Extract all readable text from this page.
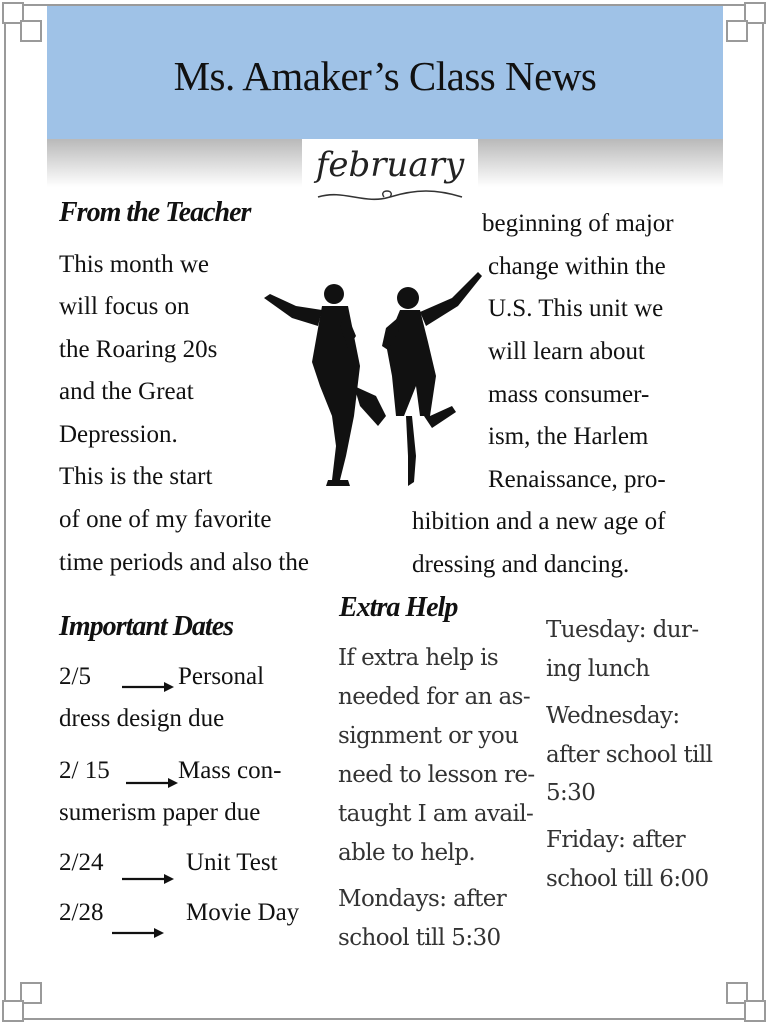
Ms. Amaker’s Class News
february
From the Teacher
This month we
will focus on
the Roaring 20s
and the Great
Depression.
This is the start
beginning of major
change within the
U.S. This unit we
will learn about
mass consumer-
ism, the Harlem
Renaissance, pro-
of one of my favorite
time periods and also the
hibition and a new age of
dressing and dancing.
Important Dates
2/5	Personal
dress design due
2/ 15	Mass con-
sumerism paper due
2/24	Unit Test
2/28	Movie Day
Extra Help
If extra help is
needed for an as-
signment or you
need to lesson re-
taught I am avail-
able to help.
Mondays: after
school till 5:30
Tuesday: dur-
ing lunch
Wednesday:
after school till
5:30
Friday: after
school till 6:00
